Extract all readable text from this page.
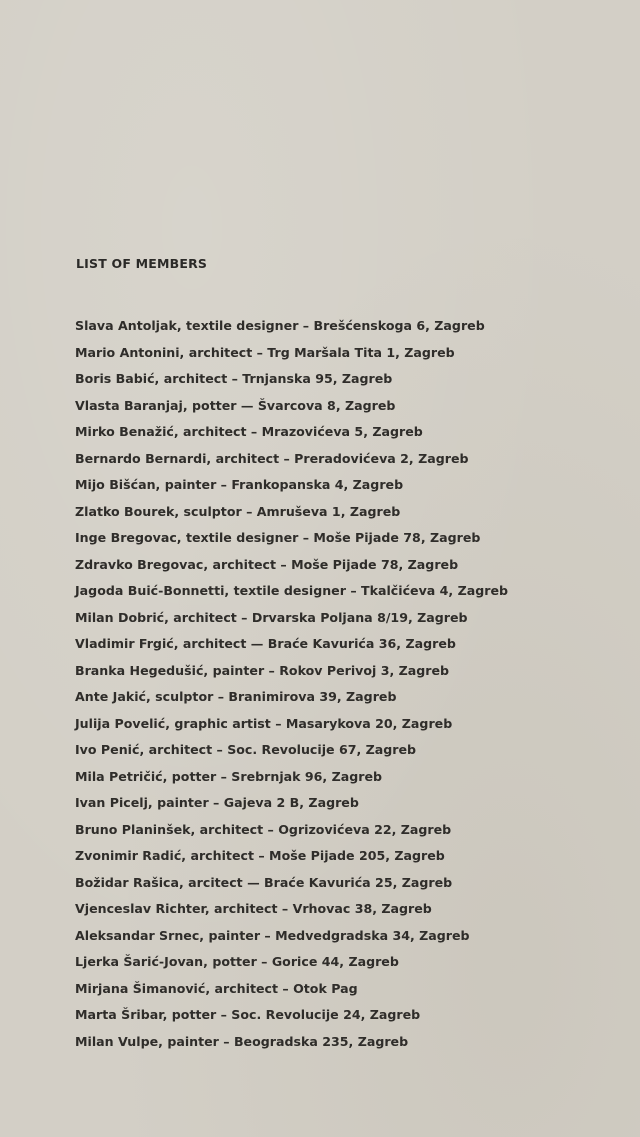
LIST OF MEMBERS
Slava Antoljak, textile designer – Brešćenskoga 6, Zagreb
Mario Antonini, architect – Trg Maršala Tita 1, Zagreb
Boris Babić, architect – Trnjanska 95, Zagreb
Vlasta Baranjaj, potter — Švarcova 8, Zagreb
Mirko Benažić, architect – Mrazovićeva 5, Zagreb
Bernardo Bernardi, architect – Preradovićeva 2, Zagreb
Mijo Bišćan, painter – Frankopanska 4, Zagreb
Zlatko Bourek, sculptor – Amruševa 1, Zagreb
Inge Bregovac, textile designer – Moše Pijade 78, Zagreb
Zdravko Bregovac, architect – Moše Pijade 78, Zagreb
Jagoda Buić-Bonnetti, textile designer – Tkalčićeva 4, Zagreb
Milan Dobrić, architect – Drvarska Poljana 8/19, Zagreb
Vladimir Frgić, architect — Braće Kavurića 36, Zagreb
Branka Hegedušić, painter – Rokov Perivoj 3, Zagreb
Ante Jakić, sculptor – Branimirova 39, Zagreb
Julija Povelić, graphic artist – Masarykova 20, Zagreb
Ivo Penić, architect – Soc. Revolucije 67, Zagreb
Mila Petričić, potter – Srebrnjak 96, Zagreb
Ivan Picelj, painter – Gajeva 2 B, Zagreb
Bruno Planinšek, architect – Ogrizovićeva 22, Zagreb
Zvonimir Radić, architect – Moše Pijade 205, Zagreb
Božidar Rašica, arcitect — Braće Kavurića 25, Zagreb
Vjenceslav Richter, architect – Vrhovac 38, Zagreb
Aleksandar Srnec, painter – Medvedgradska 34, Zagreb
Ljerka Šarić-Jovan, potter – Gorice 44, Zagreb
Mirjana Šimanović, architect – Otok Pag
Marta Šribar, potter – Soc. Revolucije 24, Zagreb
Milan Vulpe, painter – Beogradska 235, Zagreb
